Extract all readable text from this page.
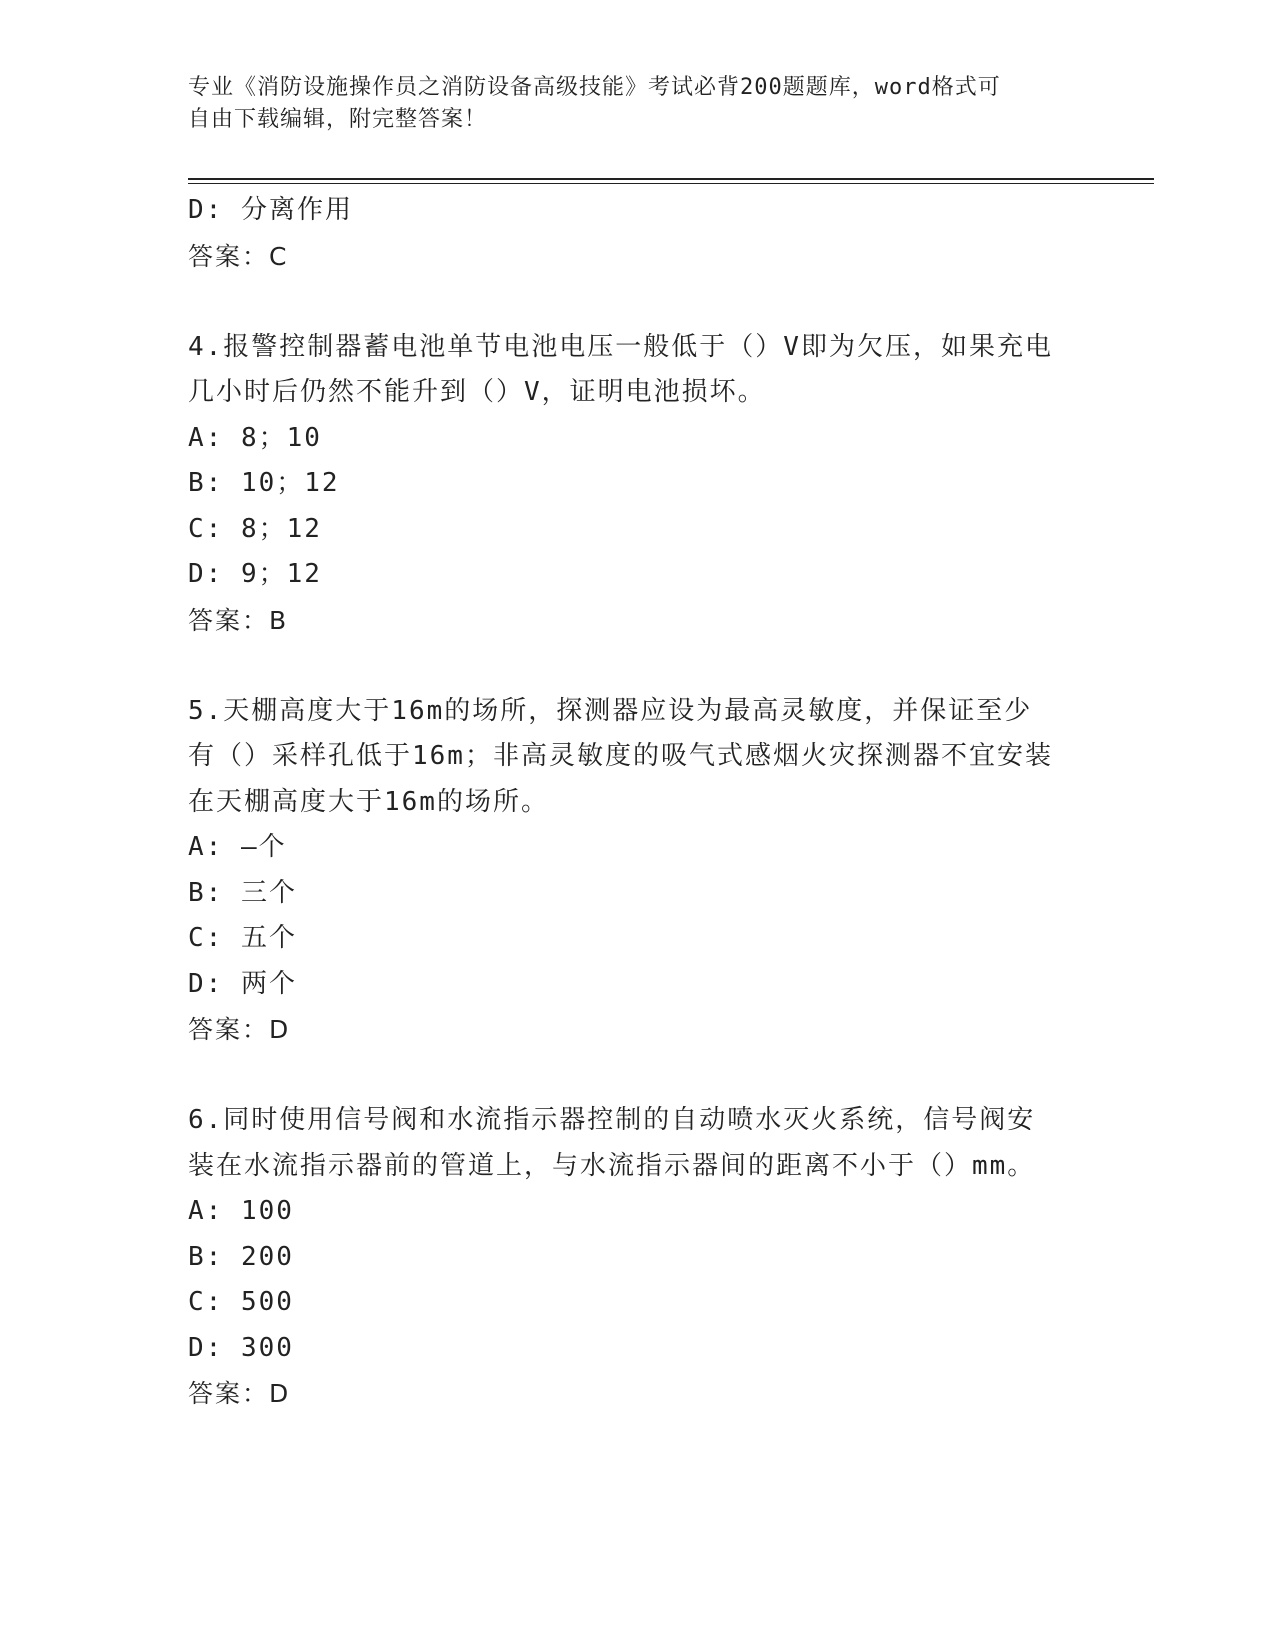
专业《消防设施操作员之消防设备高级技能》考试必背200题题库，word格式可
自由下载编辑，附完整答案！
D: 分离作用
答案：C
4.报警控制器蓄电池单节电池电压一般低于（）V即为欠压，如果充电
几小时后仍然不能升到（）V，证明电池损坏。
A: 8；10
B: 10；12
C: 8；12
D: 9；12
答案：B
5.天棚高度大于16m的场所，探测器应设为最高灵敏度，并保证至少
有（）采样孔低于16m；非高灵敏度的吸气式感烟火灾探测器不宜安装
在天棚高度大于16m的场所。
A: —个
B: 三个
C: 五个
D: 两个
答案：D
6.同时使用信号阀和水流指示器控制的自动喷水灭火系统，信号阀安
装在水流指示器前的管道上，与水流指示器间的距离不小于（）mm。
A: 100
B: 200
C: 500
D: 300
答案：D
